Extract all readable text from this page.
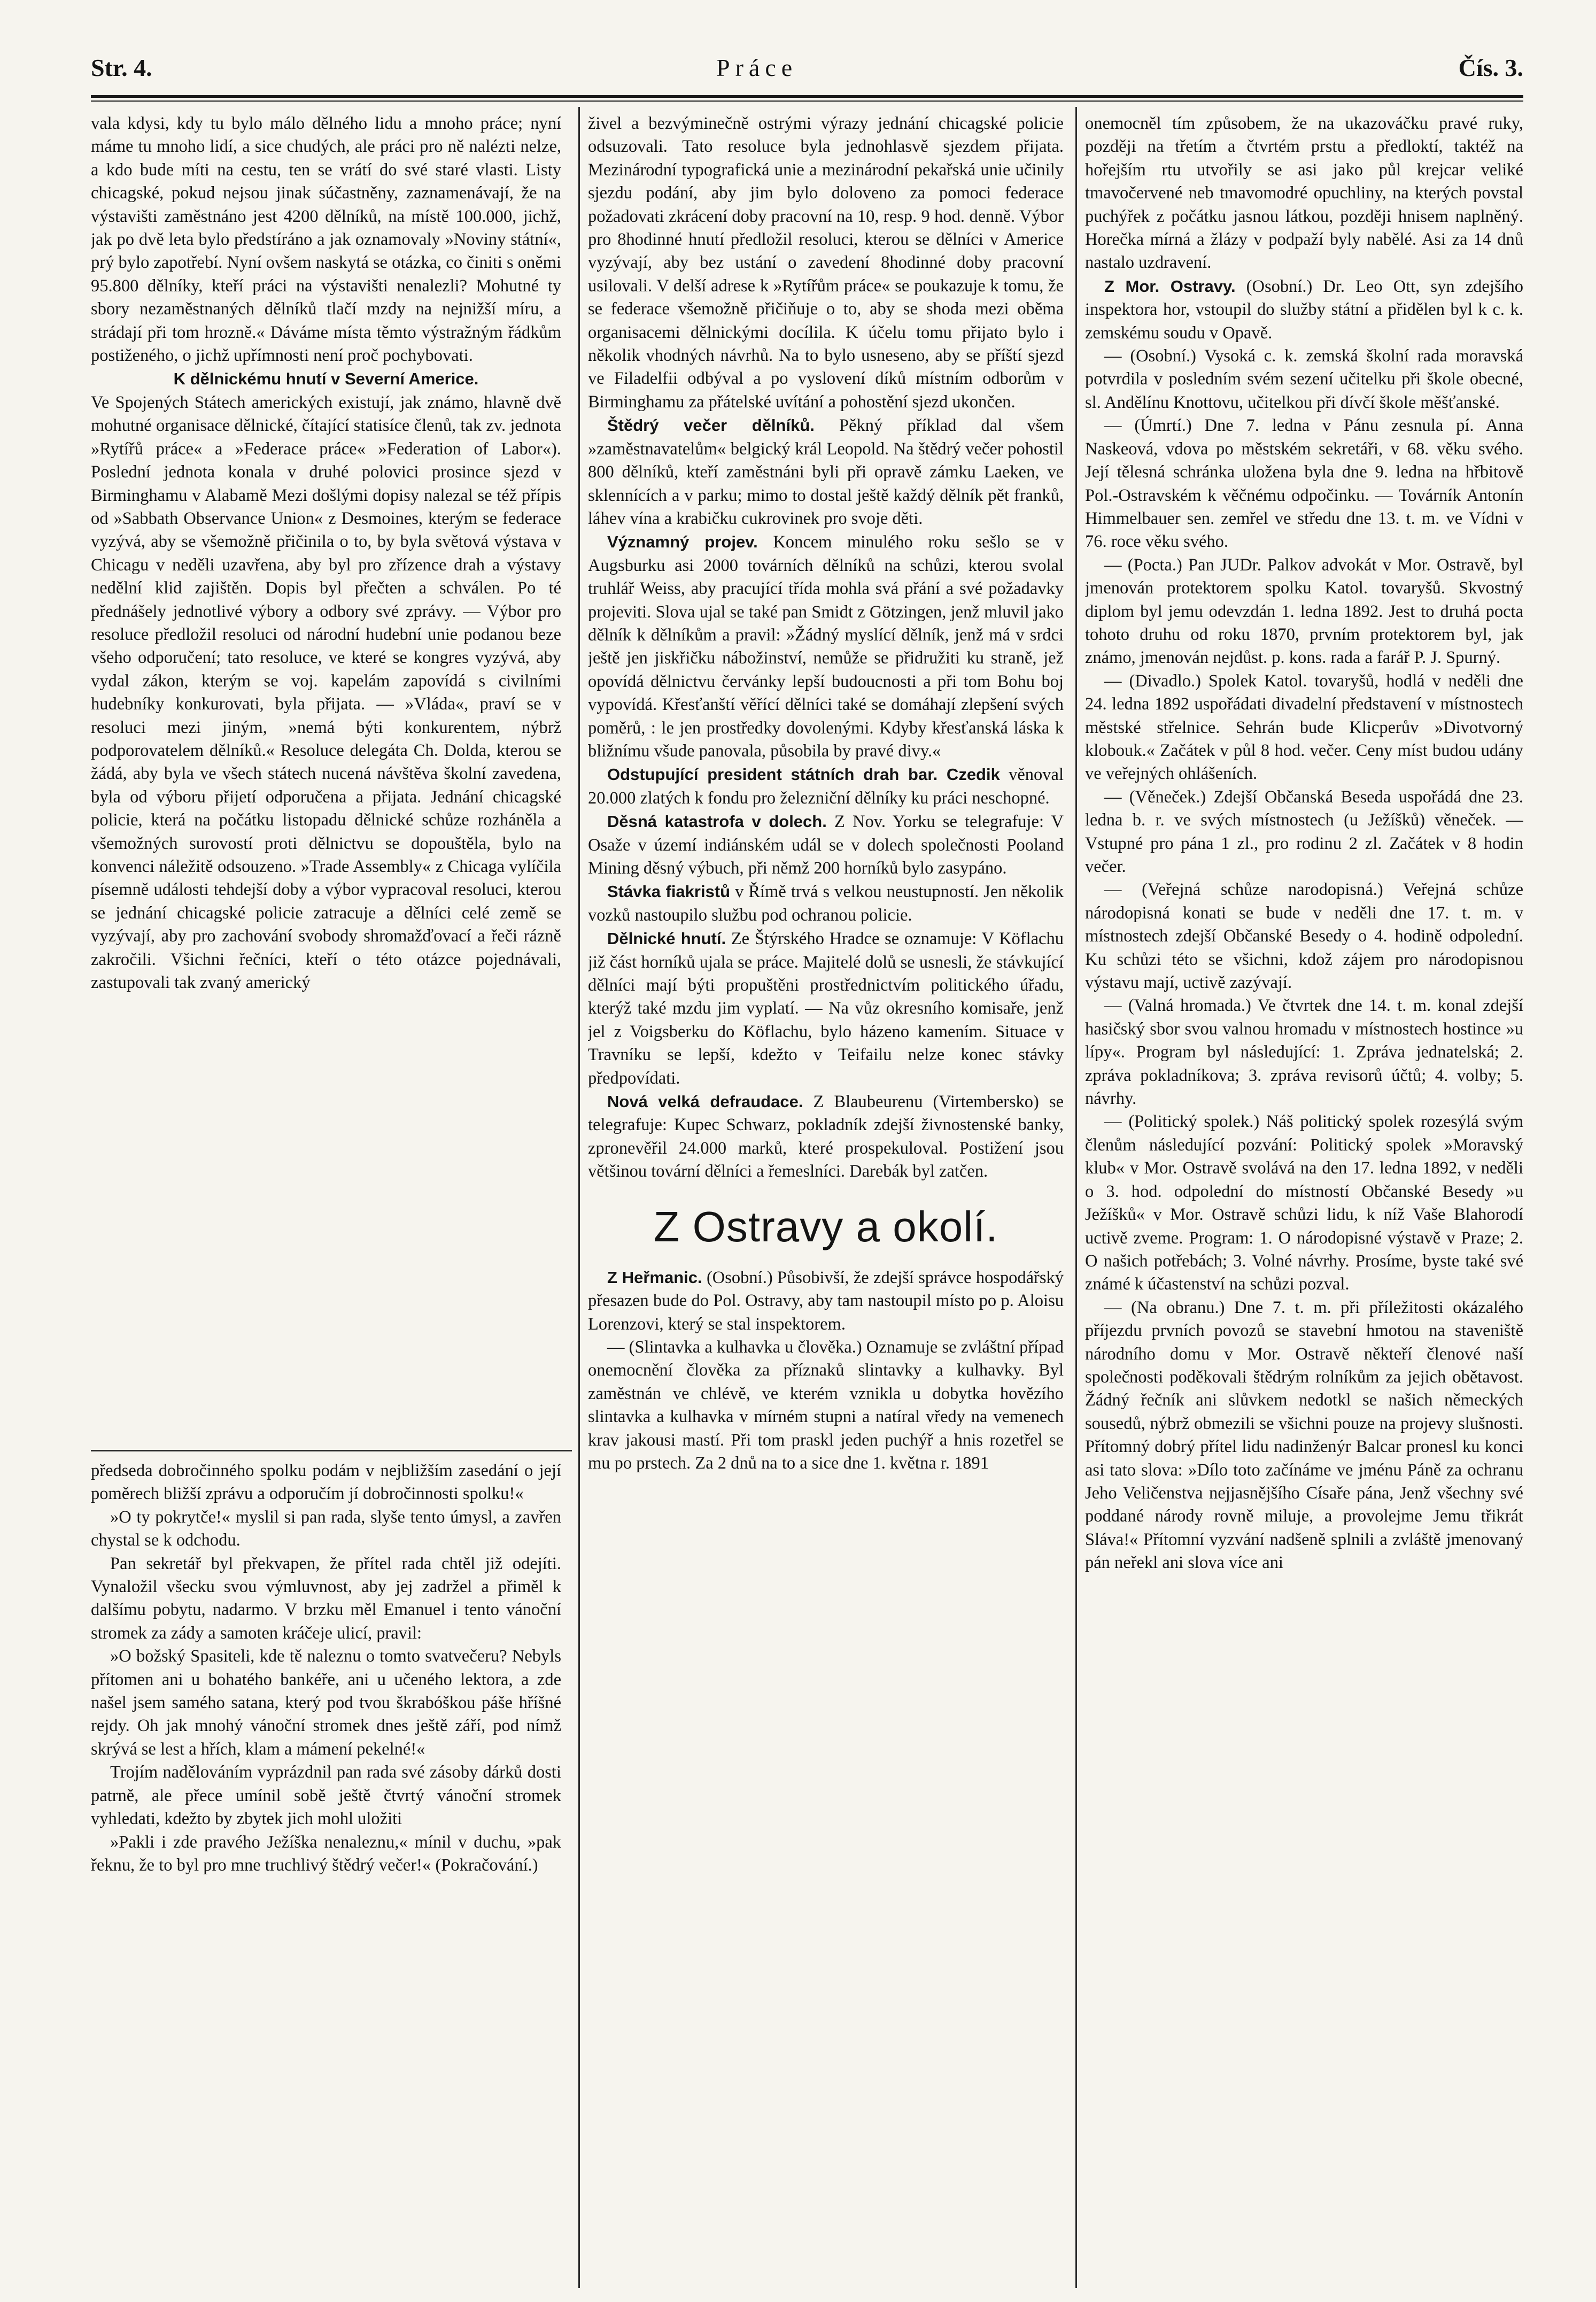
Str. 4.	Práce	Čís. 3.

vala kdysi, kdy tu bylo málo dělného lidu a mnoho práce; nyní máme tu mnoho lidí, a sice chudých, ale práci pro ně nalézti nelze, a kdo bude míti na cestu, ten se vrátí do své staré vlasti. Listy chicagské, pokud nejsou jinak súčastněny, zaznamenávají, že na výstavišti zaměstnáno jest 4200 dělníků, na místě 100.000, jichž, jak po dvě leta bylo předstíráno a jak oznamovaly »Noviny státní«, prý bylo zapotřebí. Nyní ovšem naskytá se otázka, co činiti s oněmi 95.800 dělníky, kteří práci na výstavišti nenalezli? Mohutné ty sbory nezaměstnaných dělníků tlačí mzdy na nejnižší míru, a strádají při tom hrozně.« Dáváme místa těmto výstražným řádkům postiženého, o jichž upřímnosti není proč pochybovati.

K dělnickému hnutí v Severní Americe.

Ve Spojených Státech amerických existují, jak známo, hlavně dvě mohutné organisace dělnické, čítající statisíce členů, tak zv. jednota »Rytířů práce« a »Federace práce« »Federation of Labor«). Poslední jednota konala v druhé polovici prosince sjezd v Birminghamu v Alabamě Mezi došlými dopisy nalezal se též přípis od »Sabbath Observance Union« z Desmoines, kterým se federace vyzývá, aby se všemožně přičinila o to, by byla světová výstava v Chicagu v neděli uzavřena, aby byl pro zřízence drah a výstavy nedělní klid zajištěn. Dopis byl přečten a schválen. Po té přednášely jednotlivé výbory a odbory své zprávy. — Výbor pro resoluce předložil resoluci od národní hudební unie podanou beze všeho odporučení; tato resoluce, ve které se kongres vyzývá, aby vydal zákon, kterým se voj. kapelám zapovídá s civilními hudebníky konkurovati, byla přijata. — »Vláda«, praví se v resoluci mezi jiným, »nemá býti konkurentem, nýbrž podporovatelem dělníků.« Resoluce delegáta Ch. Dolda, kterou se žádá, aby byla ve všech státech nucená návštěva školní zavedena, byla od výboru přijetí odporučena a přijata. Jednání chicagské policie, která na počátku listopadu dělnické schůze rozháněla a všemožných surovostí proti dělnictvu se dopouštěla, bylo na konvenci náležitě odsouzeno. »Trade Assembly« z Chicaga vylíčila písemně události tehdejší doby a výbor vypracoval resoluci, kterou se jednání chicagské policie zatracuje a dělníci celé země se vyzývají, aby pro zachování svobody shromažďovací a řeči rázně zakročili. Všichni řečníci, kteří o této otázce pojednávali, zastupovali tak zvaný americký

předseda dobročinného spolku podám v nejbližším zasedání o její poměrech bližší zprávu a odporučím jí dobročinnosti spolku!«

»O ty pokrytče!« myslil si pan rada, slyše tento úmysl, a zavřen chystal se k odchodu.

Pan sekretář byl překvapen, že přítel rada chtěl již odejíti. Vynaložil všecku svou výmluvnost, aby jej zadržel a přiměl k dalšímu pobytu, nadarmo. V brzku měl Emanuel i tento vánoční stromek za zády a samoten kráčeje ulicí, pravil:

»O božský Spasiteli, kde tě naleznu o tomto svatvečeru? Nebyls přítomen ani u bohatého bankéře, ani u učeného lektora, a zde našel jsem samého satana, který pod tvou škrabóškou páše hříšné rejdy. Oh jak mnohý vánoční stromek dnes ještě září, pod nímž skrývá se lest a hřích, klam a mámení pekelné!«

Trojím nadělováním vyprázdnil pan rada své zásoby dárků dosti patrně, ale přece umínil sobě ještě čtvrtý vánoční stromek vyhledati, kdežto by zbytek jich mohl uložiti

»Pakli i zde pravého Ježíška nenaleznu,« mínil v duchu, »pak řeknu, že to byl pro mne truchlivý štědrý večer!« (Pokračování.)

živel a bezvýminečně ostrými výrazy jednání chicagské policie odsuzovali. Tato resoluce byla jednohlasvě sjezdem přijata. Mezinárodní typografická unie a mezinárodní pekařská unie učinily sjezdu podání, aby jim bylo doloveno za pomoci federace požadovati zkrácení doby pracovní na 10, resp. 9 hod. denně. Výbor pro 8hodinné hnutí předložil resoluci, kterou se dělníci v Americe vyzývají, aby bez ustání o zavedení 8hodinné doby pracovní usilovali. V delší adrese k »Rytířům práce« se poukazuje k tomu, že se federace všemožně přičiňuje o to, aby se shoda mezi oběma organisacemi dělnickými docílila. K účelu tomu přijato bylo i několik vhodných návrhů. Na to bylo usneseno, aby se příští sjezd ve Filadelfii odbýval a po vyslovení díků místním odborům v Birminghamu za přátelské uvítání a pohostění sjezd ukončen.

Štědrý večer dělníků. Pěkný příklad dal všem »zaměstnavatelům« belgický král Leopold. Na štědrý večer pohostil 800 dělníků, kteří zaměstnáni byli při opravě zámku Laeken, ve sklennících a v parku; mimo to dostal ještě každý dělník pět franků, láhev vína a krabičku cukrovinek pro svoje děti.

Významný projev. Koncem minulého roku sešlo se v Augsburku asi 2000 továrních dělníků na schůzi, kterou svolal truhlář Weiss, aby pracující třída mohla svá přání a své požadavky projeviti. Slova ujal se také pan Smidt z Götzingen, jenž mluvil jako dělník k dělníkům a pravil: »Žádný myslící dělník, jenž má v srdci ještě jen jiskřičku nábožinství, nemůže se přidružiti ku straně, jež opovídá dělnictvu červánky lepší budoucnosti a při tom Bohu boj vypovídá. Křesťanští věřící dělníci také se domáhají zlepšení svých poměrů, : le jen prostředky dovolenými. Kdyby křesťanská láska k bližnímu všude panovala, působila by pravé divy.«

Odstupující president státních drah bar. Czedik věnoval 20.000 zlatých k fondu pro železniční dělníky ku práci neschopné.

Děsná katastrofa v dolech. Z Nov. Yorku se telegrafuje: V Osaže v území indiánském udál se v dolech společnosti Pooland Mining děsný výbuch, při němž 200 horníků bylo zasypáno.

Stávka fiakristů v Římě trvá s velkou neustupností. Jen několik vozků nastoupilo službu pod ochranou policie.

Dělnické hnutí. Ze Štýrského Hradce se oznamuje: V Köflachu již část horníků ujala se práce. Majitelé dolů se usnesli, že stávkující dělníci mají býti propuštěni prostřednictvím politického úřadu, kterýž také mzdu jim vyplatí. — Na vůz okresního komisaře, jenž jel z Voigsberku do Köflachu, bylo házeno kamením. Situace v Travníku se lepší, kdežto v Teifailu nelze konec stávky předpovídati.

Nová velká defraudace. Z Blaubeurenu (Virtembersko) se telegrafuje: Kupec Schwarz, pokladník zdejší živnostenské banky, zpronevěřil 24.000 marků, které prospekuloval. Postižení jsou většinou tovární dělníci a řemeslníci. Darebák byl zatčen.

Z Ostravy a okolí.

Z Heřmanic. (Osobní.) Působivší, že zdejší správce hospodářský přesazen bude do Pol. Ostravy, aby tam nastoupil místo po p. Aloisu Lorenzovi, který se stal inspektorem.

— (Slintavka a kulhavka u člověka.) Oznamuje se zvláštní případ onemocnění člověka za příznaků slintavky a kulhavky. Byl zaměstnán ve chlévě, ve kterém vznikla u dobytka hovězího slintavka a kulhavka v mírném stupni a natíral vředy na vemenech krav jakousi mastí. Při tom praskl jeden puchýř a hnis rozetřel se mu po prstech. Za 2 dnů na to a sice dne 1. května r. 1891

onemocněl tím způsobem, že na ukazováčku pravé ruky, později na třetím a čtvrtém prstu a předloktí, taktéž na hořejším rtu utvořily se asi jako půl krejcar veliké tmavočervené neb tmavomodré opuchliny, na kterých povstal puchýřek z počátku jasnou látkou, později hnisem naplněný. Horečka mírná a žlázy v podpaží byly nabělé. Asi za 14 dnů nastalo uzdravení.

Z Mor. Ostravy. (Osobní.) Dr. Leo Ott, syn zdejšího inspektora hor, vstoupil do služby státní a přidělen byl k c. k. zemskému soudu v Opavě.

— (Osobní.) Vysoká c. k. zemská školní rada moravská potvrdila v posledním svém sezení učitelku při škole obecné, sl. Andělínu Knottovu, učitelkou při dívčí škole měšťanské.

— (Úmrtí.) Dne 7. ledna v Pánu zesnula pí. Anna Naskeová, vdova po městském sekretáři, v 68. věku svého. Její tělesná schránka uložena byla dne 9. ledna na hřbitově Pol.-Ostravském k věčnému odpočinku. — Továrník Antonín Himmelbauer sen. zemřel ve středu dne 13. t. m. ve Vídni v 76. roce věku svého.

— (Pocta.) Pan JUDr. Palkov advokát v Mor. Ostravě, byl jmenován protektorem spolku Katol. tovaryšů. Skvostný diplom byl jemu odevzdán 1. ledna 1892. Jest to druhá pocta tohoto druhu od roku 1870, prvním protektorem byl, jak známo, jmenován nejdůst. p. kons. rada a farář P. J. Spurný.

— (Divadlo.) Spolek Katol. tovaryšů, hodlá v neděli dne 24. ledna 1892 uspořádati divadelní představení v místnostech městské střelnice. Sehrán bude Klicperův »Divotvorný klobouk.« Začátek v půl 8 hod. večer. Ceny míst budou udány ve veřejných ohlášeních.

— (Věneček.) Zdejší Občanská Beseda uspořádá dne 23. ledna b. r. ve svých místnostech (u Ježíšků) věneček. — Vstupné pro pána 1 zl., pro rodinu 2 zl. Začátek v 8 hodin večer.

— (Veřejná schůze narodopisná.) Veřejná schůze národopisná konati se bude v neděli dne 17. t. m. v místnostech zdejší Občanské Besedy o 4. hodině odpolední. Ku schůzi této se všichni, kdož zájem pro národopisnou výstavu mají, uctivě zazývají.

— (Valná hromada.) Ve čtvrtek dne 14. t. m. konal zdejší hasičský sbor svou valnou hromadu v místnostech hostince »u lípy«. Program byl následující: 1. Zpráva jednatelská; 2. zpráva pokladníkova; 3. zpráva revisorů účtů; 4. volby; 5. návrhy.

— (Politický spolek.) Náš politický spolek rozesýlá svým členům následující pozvání: Politický spolek »Moravský klub« v Mor. Ostravě svolává na den 17. ledna 1892, v neděli o 3. hod. odpolední do místností Občanské Besedy »u Ježíšků« v Mor. Ostravě schůzi lidu, k níž Vaše Blahorodí uctivě zveme. Program: 1. O národopisné výstavě v Praze; 2. O našich potřebách; 3. Volné návrhy. Prosíme, byste také své známé k účastenství na schůzi pozval.

— (Na obranu.) Dne 7. t. m. při příležitosti okázalého příjezdu prvních povozů se stavební hmotou na staveniště národního domu v Mor. Ostravě někteří členové naší společnosti poděkovali štědrým rolníkům za jejich obětavost. Žádný řečník ani slůvkem nedotkl se našich německých sousedů, nýbrž obmezili se všichni pouze na projevy slušnosti. Přítomný dobrý přítel lidu nadinženýr Balcar pronesl ku konci asi tato slova: »Dílo toto začínáme ve jménu Páně za ochranu Jeho Veličenstva nejjasnějšího Císaře pána, Jenž všechny své poddané národy rovně miluje, a provolejme Jemu třikrát Sláva!« Přítomní vyzvání nadšeně splnili a zvláště jmenovaný pán neřekl ani slova více ani
